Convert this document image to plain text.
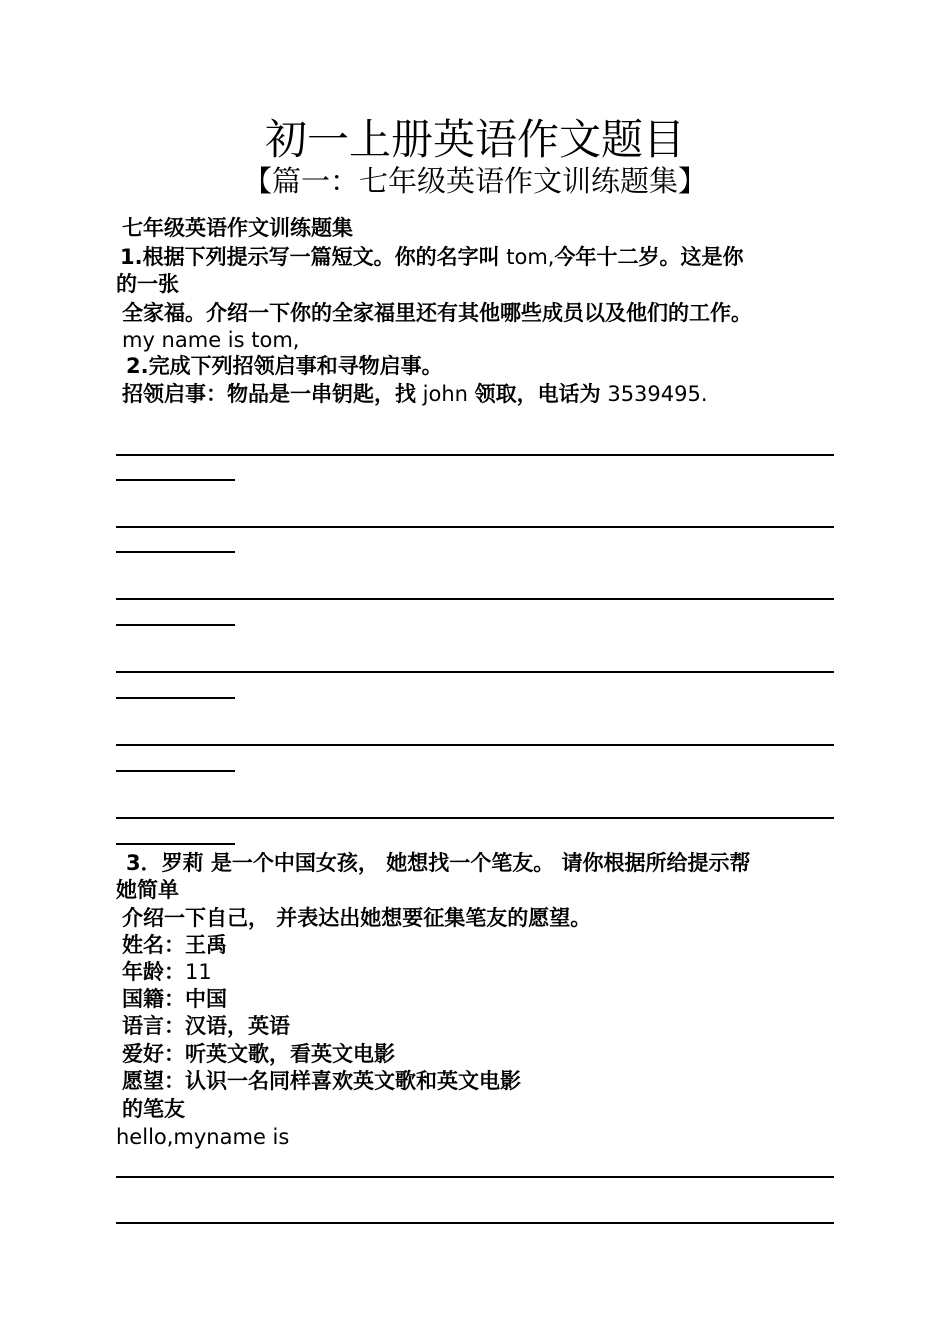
初一上册英语作文题目
【篇一：七年级英语作文训练题集】
七年级英语作文训练题集
1.根据下列提示写一篇短文。你的名字叫 tom,今年十二岁。这是你
的一张
全家福。介绍一下你的全家福里还有其他哪些成员以及他们的工作。
my name is tom,
2.完成下列招领启事和寻物启事。
招领启事：物品是一串钥匙，找 john 领取，电话为 3539495.
3．罗莉 是一个中国女孩， 她想找一个笔友。 请你根据所给提示帮
她简单
介绍一下自己， 并表达出她想要征集笔友的愿望。
姓名：王禹
年龄：11
国籍：中国
语言：汉语，英语
爱好：听英文歌，看英文电影
愿望：认识一名同样喜欢英文歌和英文电影
的笔友
hello,myname is
